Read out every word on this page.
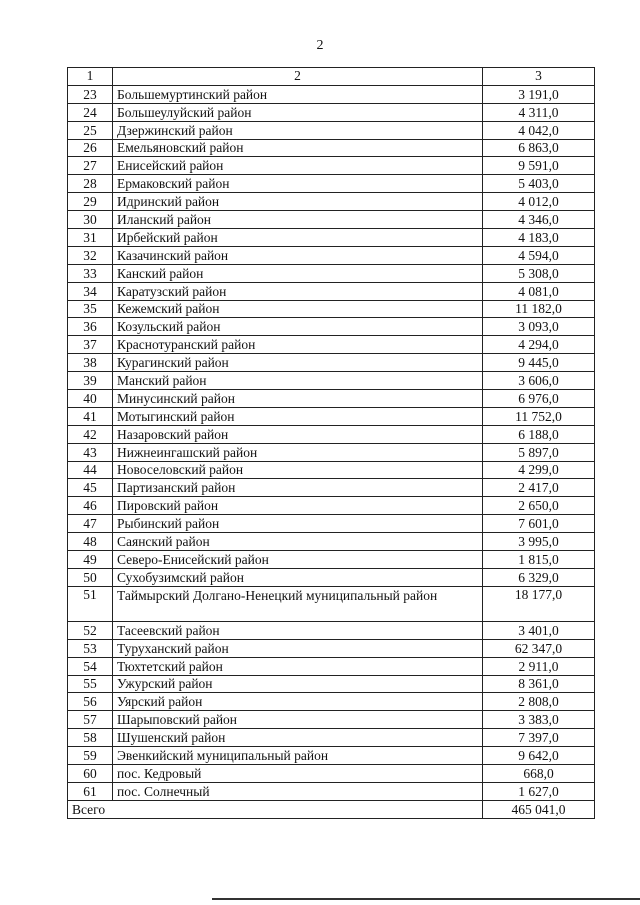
2
1	2	3
23	Большемуртинский район	3 191,0
24	Большеулуйский район	4 311,0
25	Дзержинский район	4 042,0
26	Емельяновский район	6 863,0
27	Енисейский район	9 591,0
28	Ермаковский район	5 403,0
29	Идринский район	4 012,0
30	Иланский район	4 346,0
31	Ирбейский район	4 183,0
32	Казачинский район	4 594,0
33	Канский район	5 308,0
34	Каратузский район	4 081,0
35	Кежемский район	11 182,0
36	Козульский район	3 093,0
37	Краснотуранский район	4 294,0
38	Курагинский район	9 445,0
39	Манский район	3 606,0
40	Минусинский район	6 976,0
41	Мотыгинский район	11 752,0
42	Назаровский район	6 188,0
43	Нижнеингашский район	5 897,0
44	Новоселовский район	4 299,0
45	Партизанский район	2 417,0
46	Пировский район	2 650,0
47	Рыбинский район	7 601,0
48	Саянский район	3 995,0
49	Северо-Енисейский район	1 815,0
50	Сухобузимский район	6 329,0
51	Таймырский Долгано-Ненецкий муниципальный район	18 177,0
52	Тасеевский район	3 401,0
53	Туруханский район	62 347,0
54	Тюхтетский район	2 911,0
55	Ужурский район	8 361,0
56	Уярский район	2 808,0
57	Шарыповский район	3 383,0
58	Шушенский район	7 397,0
59	Эвенкийский муниципальный район	9 642,0
60	пос. Кедровый	668,0
61	пос. Солнечный	1 627,0
Всего		465 041,0
